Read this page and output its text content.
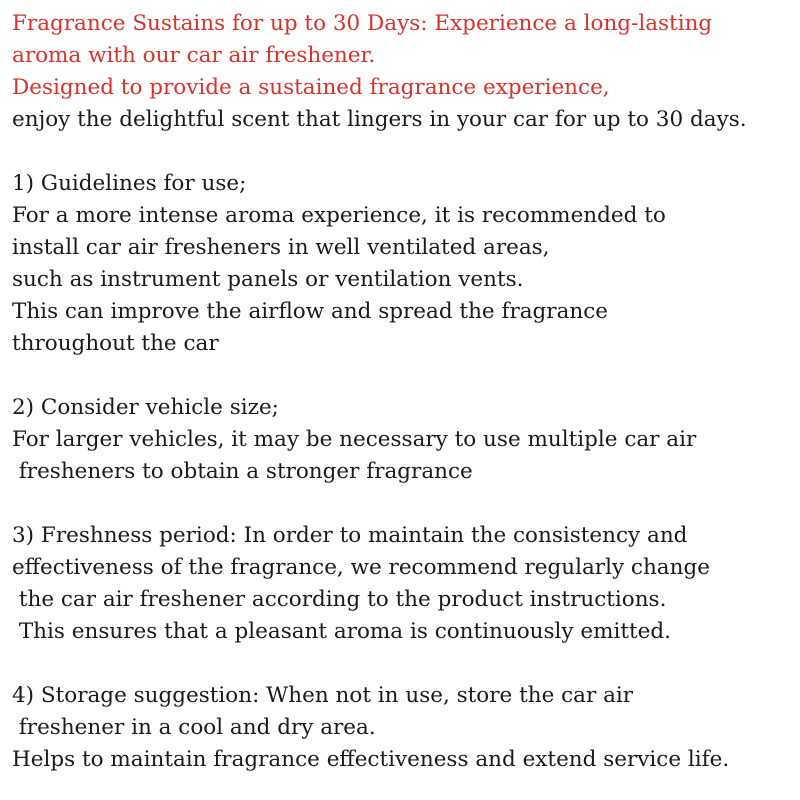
Fragrance Sustains for up to 30 Days: Experience a long-lasting
aroma with our car air freshener.
Designed to provide a sustained fragrance experience,
enjoy the delightful scent that lingers in your car for up to 30 days.
1) Guidelines for use;
For a more intense aroma experience, it is recommended to
install car air fresheners in well ventilated areas,
such as instrument panels or ventilation vents.
This can improve the airflow and spread the fragrance
throughout the car
2) Consider vehicle size;
For larger vehicles, it may be necessary to use multiple car air
fresheners to obtain a stronger fragrance
3) Freshness period: In order to maintain the consistency and
effectiveness of the fragrance, we recommend regularly change
the car air freshener according to the product instructions.
This ensures that a pleasant aroma is continuously emitted.
4) Storage suggestion: When not in use, store the car air
freshener in a cool and dry area.
Helps to maintain fragrance effectiveness and extend service life.
